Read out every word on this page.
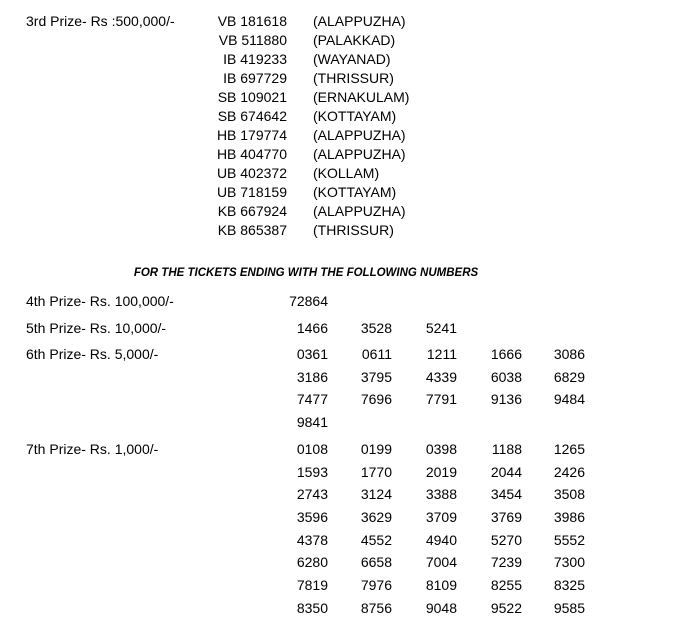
3rd Prize- Rs :500,000/-	VB 181618 (ALAPPUZHA)
VB 511880 (PALAKKAD)
IB 419233 (WAYANAD)
IB 697729 (THRISSUR)
SB 109021 (ERNAKULAM)
SB 674642 (KOTTAYAM)
HB 179774 (ALAPPUZHA)
HB 404770 (ALAPPUZHA)
UB 402372 (KOLLAM)
UB 718159 (KOTTAYAM)
KB 667924 (ALAPPUZHA)
KB 865387 (THRISSUR)
FOR THE TICKETS ENDING WITH THE FOLLOWING NUMBERS
4th Prize- Rs. 100,000/-	72864
5th Prize- Rs. 10,000/-	1466	3528	5241
6th Prize- Rs. 5,000/-	0361	0611	1211	1666	3086
3186	3795	4339	6038	6829
7477	7696	7791	9136	9484
9841
7th Prize- Rs. 1,000/-	0108	0199	0398	1188	1265
1593	1770	2019	2044	2426
2743	3124	3388	3454	3508
3596	3629	3709	3769	3986
4378	4552	4940	5270	5552
6280	6658	7004	7239	7300
7819	7976	8109	8255	8325
8350	8756	9048	9522	9585
